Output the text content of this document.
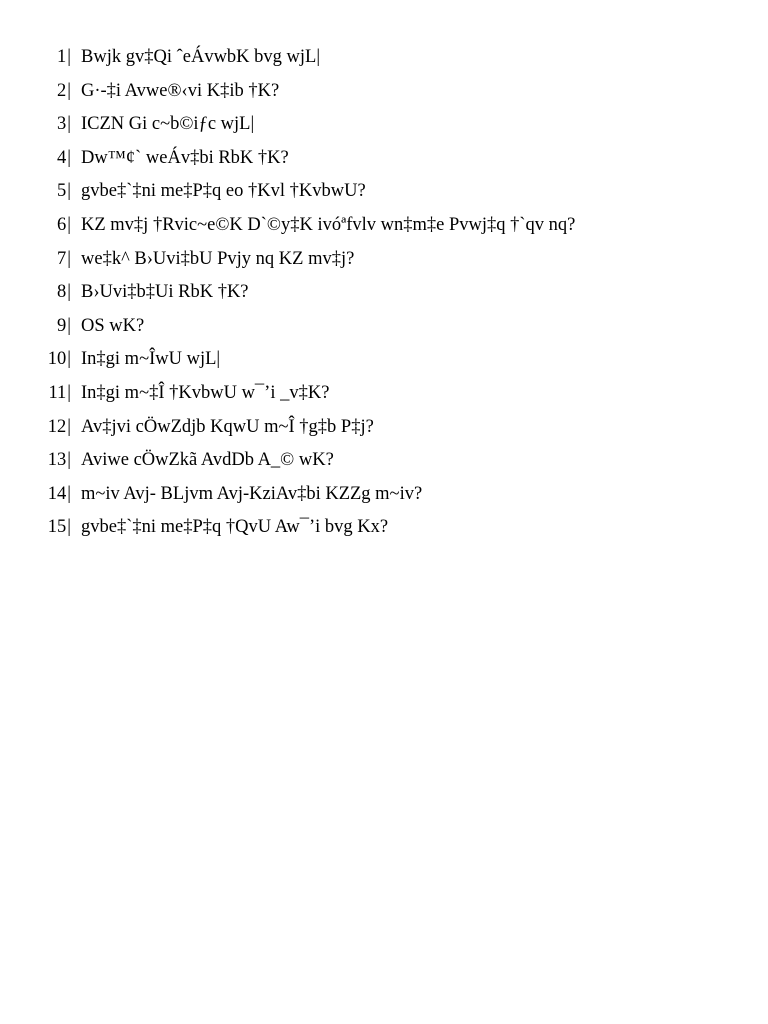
1 | Bwjk gv‡Qi ˆeÁvwbK bvg wjL|
2 | G·-‡i Avwe®‹vi K‡ib †K?
3 | ICZN Gi c~b©iƒc wjL|
4 | Dw™¢` weÁv‡bi RbK †K?
5 | gvbe‡`‡ni me‡P‡q eo †Kvl †KvbwU?
6 | KZ mv‡j †Rvic~e©K D`©y‡K ivóªfvlv wn‡m‡e Pvwj‡q †`qv nq?
7 | we‡k^ B›Uvi‡bU Pvjy nq KZ mv‡j?
8 | B›Uvi‡b‡Ui RbK †K?
9 | OS wK?
10 | In‡gi m~ÎwU wjL|
11 | In‡gi m~‡Î †KvbwU w¯’i _v‡K?
12 | Av‡jvi cÖwZdjb KqwU m~Î †g‡b P‡j?
13 | Aviwe cÖwZkã AvdDb A_© wK?
14 | m~iv Avj- BLjvm Avj-KziAv‡bi KZZg m~iv?
15 | gvbe‡`‡ni me‡P‡q †QvU Aw¯’i bvg Kx?
